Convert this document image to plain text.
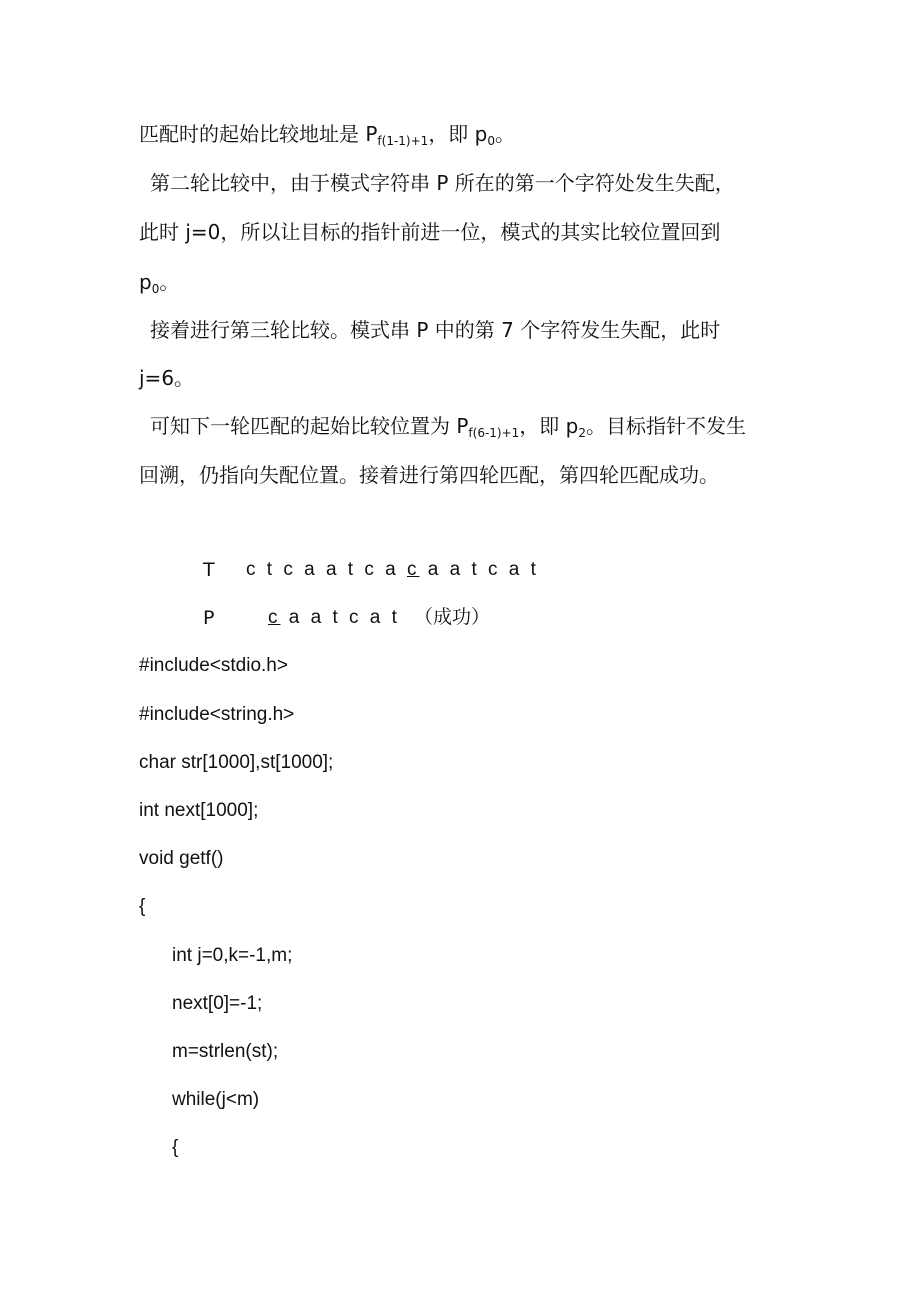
匹配时的起始比较地址是 $P_{f(1-1)+1}$，即 $p_0$。
第二轮比较中，由于模式字符串 P 所在的第一个字符处发生失配，
此时 j=0，所以让目标的指针前进一位，模式的其实比较位置回到
$p_0$。
接着进行第三轮比较。模式串 P 中的第 7 个字符发生失配，此时
j=6。
可知下一轮匹配的起始比较位置为 $P_{f(6-1)+1}$，即 $p_2$。目标指针不发生
回溯，仍指向失配位置。接着进行第四轮匹配，第四轮匹配成功。
T c t c a a t c a c a a t c a t
P	c a a t c a t （成功）
#include<stdio.h>
#include<string.h>
char str[1000],st[1000];
int next[1000];
void getf()
{
int j=0,k=-1,m;
next[0]=-1;
m=strlen(st);
while(j<m)
{
